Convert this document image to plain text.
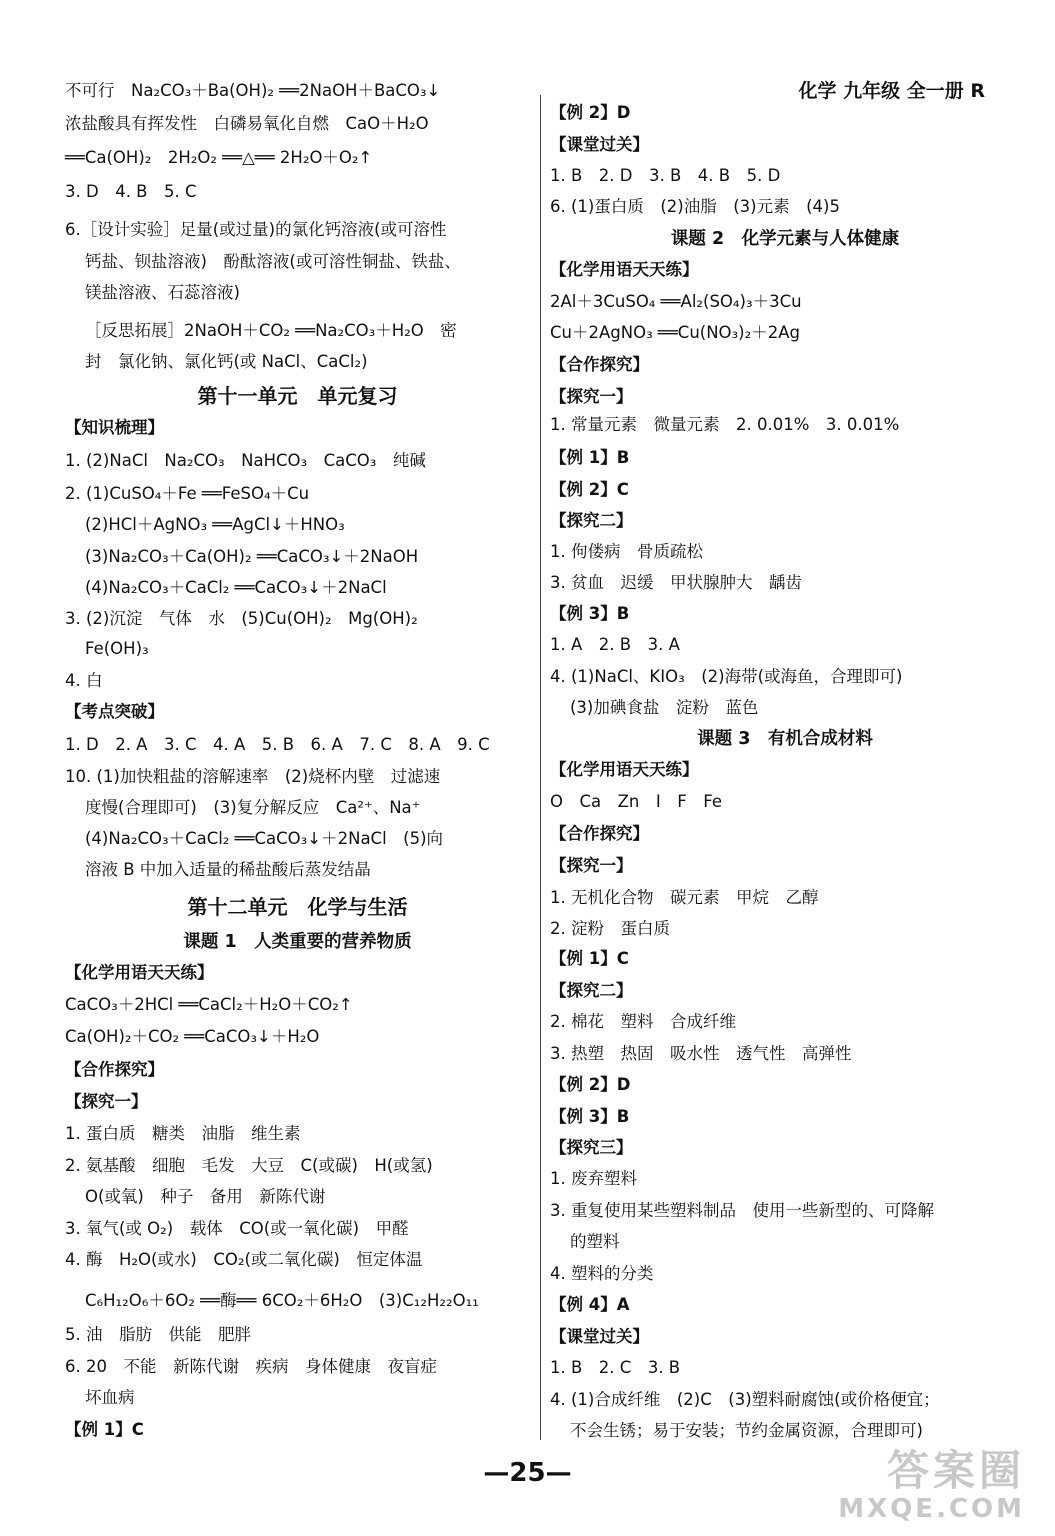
化学 九年级 全一册 R
不可行　Na₂CO₃＋Ba(OH)₂ ══2NaOH＋BaCO₃↓
浓盐酸具有挥发性　白磷易氧化自燃　CaO＋H₂O
══Ca(OH)₂　2H₂O₂ ══△══ 2H₂O＋O₂↑
3. D　4. B　5. C
6.［设计实验］足量(或过量)的氯化钙溶液(或可溶性
钙盐、钡盐溶液)　酚酞溶液(或可溶性铜盐、铁盐、
镁盐溶液、石蕊溶液)
［反思拓展］2NaOH＋CO₂ ══Na₂CO₃＋H₂O　密
封　氯化钠、氯化钙(或 NaCl、CaCl₂)
第十一单元　单元复习
【知识梳理】
1. (2)NaCl　Na₂CO₃　NaHCO₃　CaCO₃　纯碱
2. (1)CuSO₄＋Fe ══FeSO₄＋Cu
(2)HCl＋AgNO₃ ══AgCl↓＋HNO₃
(3)Na₂CO₃＋Ca(OH)₂ ══CaCO₃↓＋2NaOH
(4)Na₂CO₃＋CaCl₂ ══CaCO₃↓＋2NaCl
3. (2)沉淀　气体　水　(5)Cu(OH)₂　Mg(OH)₂
Fe(OH)₃
4. 白
【考点突破】
1. D　2. A　3. C　4. A　5. B　6. A　7. C　8. A　9. C
10. (1)加快粗盐的溶解速率　(2)烧杯内壁　过滤速
度慢(合理即可)　(3)复分解反应　Ca²⁺、Na⁺
(4)Na₂CO₃＋CaCl₂ ══CaCO₃↓＋2NaCl　(5)向
溶液 B 中加入适量的稀盐酸后蒸发结晶
第十二单元　化学与生活
课题 1　人类重要的营养物质
【化学用语天天练】
CaCO₃＋2HCl ══CaCl₂＋H₂O＋CO₂↑
Ca(OH)₂＋CO₂ ══CaCO₃↓＋H₂O
【合作探究】
【探究一】
1. 蛋白质　糖类　油脂　维生素
2. 氨基酸　细胞　毛发　大豆　C(或碳)　H(或氢)
O(或氧)　种子　备用　新陈代谢
3. 氧气(或 O₂)　载体　CO(或一氧化碳)　甲醛
4. 酶　H₂O(或水)　CO₂(或二氧化碳)　恒定体温
C₆H₁₂O₆＋6O₂ ══酶══ 6CO₂＋6H₂O　(3)C₁₂H₂₂O₁₁
5. 油　脂肪　供能　肥胖
6. 20　不能　新陈代谢　疾病　身体健康　夜盲症
坏血病
【例 1】C
【例 2】D
【课堂过关】
1. B　2. D　3. B　4. B　5. D
6. (1)蛋白质　(2)油脂　(3)元素　(4)5
课题 2　化学元素与人体健康
【化学用语天天练】
2Al＋3CuSO₄ ══Al₂(SO₄)₃＋3Cu
Cu＋2AgNO₃ ══Cu(NO₃)₂＋2Ag
【合作探究】
【探究一】
1. 常量元素　微量元素　2. 0.01%　3. 0.01%
【例 1】B
【例 2】C
【探究二】
1. 佝偻病　骨质疏松
3. 贫血　迟缓　甲状腺肿大　龋齿
【例 3】B
1. A　2. B　3. A
4. (1)NaCl、KIO₃　(2)海带(或海鱼，合理即可)
(3)加碘食盐　淀粉　蓝色
课题 3　有机合成材料
【化学用语天天练】
O　Ca　Zn　I　F　Fe
【合作探究】
【探究一】
1. 无机化合物　碳元素　甲烷　乙醇
2. 淀粉　蛋白质
【例 1】C
【探究二】
2. 棉花　塑料　合成纤维
3. 热塑　热固　吸水性　透气性　高弹性
【例 2】D
【例 3】B
【探究三】
1. 废弃塑料
3. 重复使用某些塑料制品　使用一些新型的、可降解
的塑料
4. 塑料的分类
【例 4】A
【课堂过关】
1. B　2. C　3. B
4. (1)合成纤维　(2)C　(3)塑料耐腐蚀(或价格便宜；
不会生锈；易于安装；节约金属资源，合理即可)
—25—	答案圈
MXQE.COM
